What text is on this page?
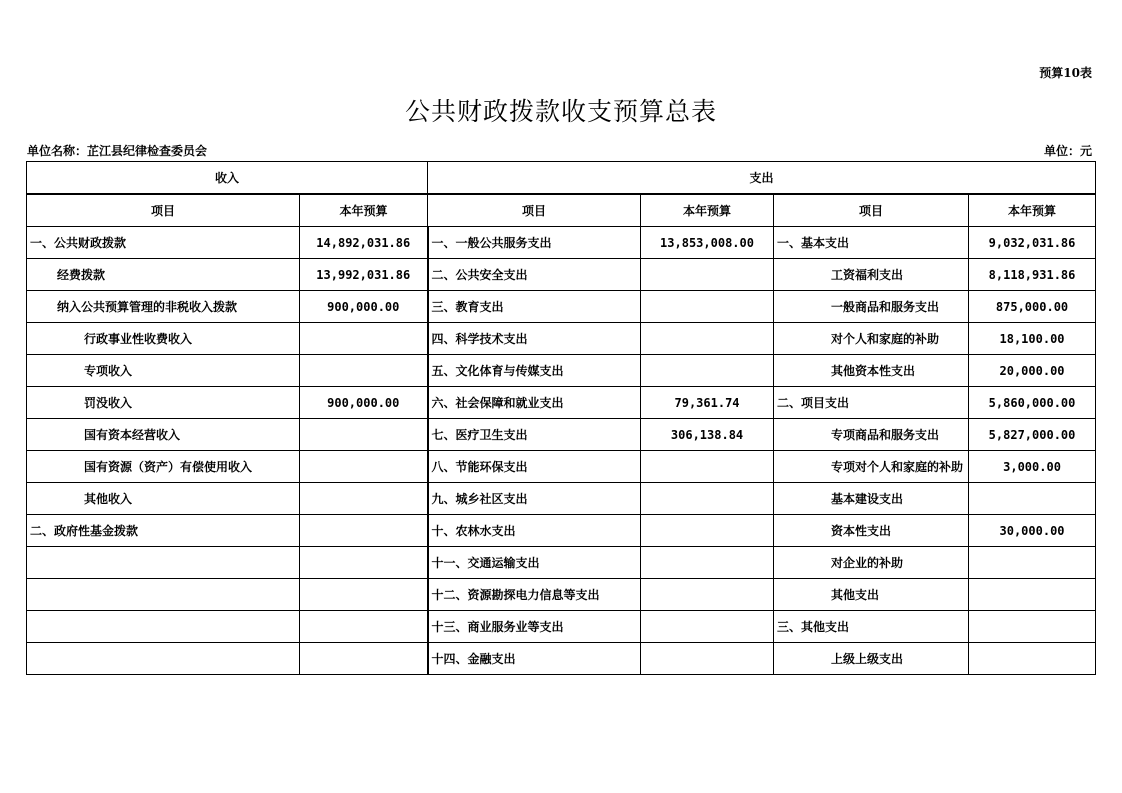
预算10表
公共财政拨款收支预算总表
单位名称：芷江县纪律检查委员会	单位：元
收入		支出			
项目	本年预算	项目	本年预算	项目	本年预算
一、公共财政拨款	14,892,031.86	一、一般公共服务支出	13,853,008.00	一、基本支出	9,032,031.86
经费拨款	13,992,031.86	二、公共安全支出		工资福利支出	8,118,931.86
纳入公共预算管理的非税收入拨款	900,000.00	三、教育支出		一般商品和服务支出	875,000.00
行政事业性收费收入		四、科学技术支出		对个人和家庭的补助	18,100.00
专项收入		五、文化体育与传媒支出		其他资本性支出	20,000.00
罚没收入	900,000.00	六、社会保障和就业支出	79,361.74	二、项目支出	5,860,000.00
国有资本经营收入		七、医疗卫生支出	306,138.84	专项商品和服务支出	5,827,000.00
国有资源（资产）有偿使用收入		八、节能环保支出		专项对个人和家庭的补助	3,000.00
其他收入		九、城乡社区支出		基本建设支出	
二、政府性基金拨款		十、农林水支出		资本性支出	30,000.00
		十一、交通运输支出		对企业的补助	
		十二、资源勘探电力信息等支出		其他支出	
		十三、商业服务业等支出		三、其他支出	
		十四、金融支出		上级上级支出	
